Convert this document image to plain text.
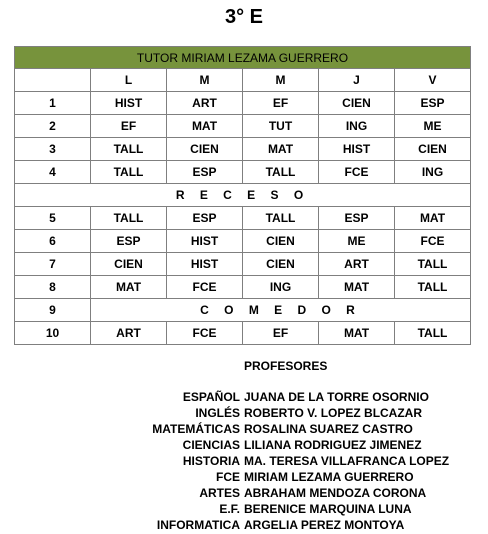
3° E
TUTOR MIRIAM LEZAMA GUERRERO					
	L	M	M	J	V
1	HIST	ART	EF	CIEN	ESP
2	EF	MAT	TUT	ING	ME
3	TALL	CIEN	MAT	HIST	CIEN
4	TALL	ESP	TALL	FCE	ING
R E C E S O					
5	TALL	ESP	TALL	ESP	MAT
6	ESP	HIST	CIEN	ME	FCE
7	CIEN	HIST	CIEN	ART	TALL
8	MAT	FCE	ING	MAT	TALL
9	C O M E D O R				
10	ART	FCE	EF	MAT	TALL
PROFESORES
ESPAÑOL	JUANA DE LA TORRE OSORNIO
INGLÉS	ROBERTO V. LOPEZ BLCAZAR
MATEMÁTICAS	ROSALINA SUAREZ CASTRO
CIENCIAS	LILIANA RODRIGUEZ JIMENEZ
HISTORIA	MA. TERESA VILLAFRANCA LOPEZ
FCE	MIRIAM LEZAMA GUERRERO
ARTES	ABRAHAM MENDOZA CORONA
E.F.	BERENICE MARQUINA LUNA
INFORMATICA	ARGELIA PEREZ MONTOYA
